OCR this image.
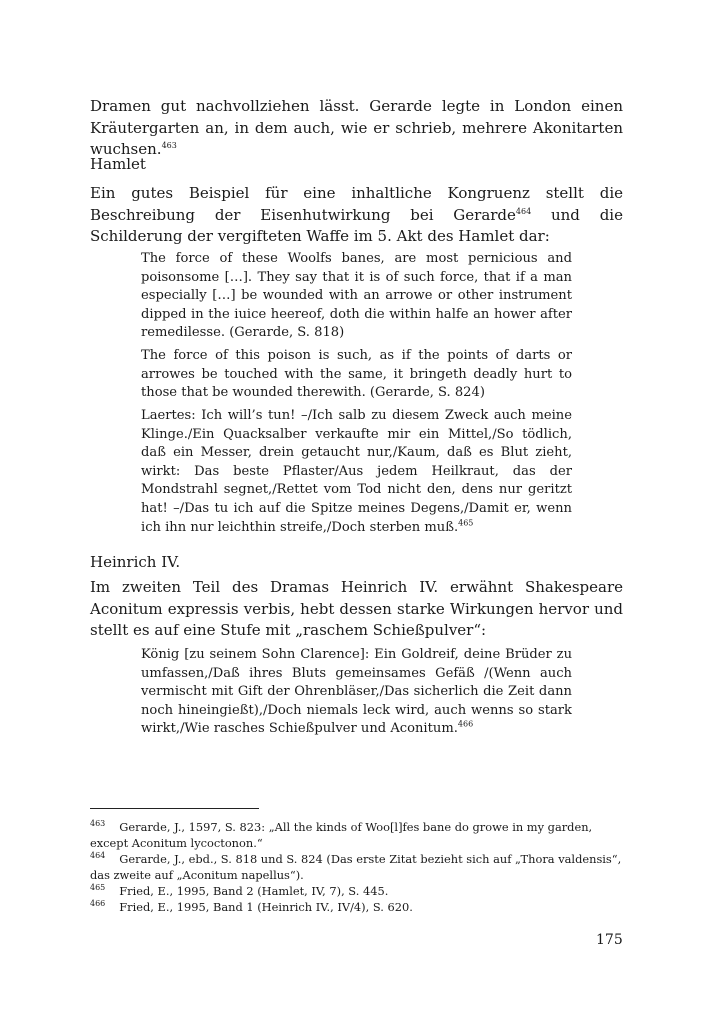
Dramen gut nachvollziehen lässt. Gerarde legte in London einen Kräutergarten an, in dem auch, wie er schrieb, mehrere Akonitarten wuchsen.$^{463}$

Hamlet

Ein gutes Beispiel für eine inhaltliche Kongruenz stellt die Beschreibung der Eisenhutwirkung bei Gerarde$^{464}$ und die Schilderung der vergifteten Waffe im 5. Akt des Hamlet dar:

The force of these Woolfs banes, are most pernicious and poisonsome […]. They say that it is of such force, that if a man especially […] be wounded with an arrowe or other instrument dipped in the iuice heereof, doth die within halfe an hower after remedilesse. (Gerarde, S. 818)

The force of this poison is such, as if the points of darts or arrowes be touched with the same, it bringeth deadly hurt to those that be wounded therewith. (Gerarde, S. 824)

Laertes: Ich will’s tun! –/Ich salb zu diesem Zweck auch meine Klinge./Ein Quacksalber verkaufte mir ein Mittel,/So tödlich, daß ein Messer, drein getaucht nur,/Kaum, daß es Blut zieht, wirkt: Das beste Pflaster/Aus jedem Heilkraut, das der Mondstrahl segnet,/Rettet vom Tod nicht den, dens nur geritzt hat! –/Das tu ich auf die Spitze meines Degens,/Damit er, wenn ich ihn nur leichthin streife,/Doch sterben muß.$^{465}$

Heinrich IV.

Im zweiten Teil des Dramas Heinrich IV. erwähnt Shakespeare Aconitum expressis verbis, hebt dessen starke Wirkungen hervor und stellt es auf eine Stufe mit „raschem Schießpulver“:

König [zu seinem Sohn Clarence]: Ein Goldreif, deine Brüder zu umfassen,/Daß ihres Bluts gemeinsames Gefäß /(Wenn auch vermischt mit Gift der Ohrenbläser,/Das sicherlich die Zeit dann noch hineingießt),/Doch niemals leck wird, auch wenns so stark wirkt,/Wie rasches Schießpulver und Aconitum.$^{466}$

$^{463}$ Gerarde, J., 1597, S. 823: „All the kinds of Woo[l]fes bane do growe in my garden, except Aconitum lycoctonon.“

$^{464}$ Gerarde, J., ebd., S. 818 und S. 824 (Das erste Zitat bezieht sich auf „Thora valdensis“, das zweite auf „Aconitum napellus“).

$^{465}$ Fried, E., 1995, Band 2 (Hamlet, IV, 7), S. 445.

$^{466}$ Fried, E., 1995, Band 1 (Heinrich IV., IV/4), S. 620.

175
